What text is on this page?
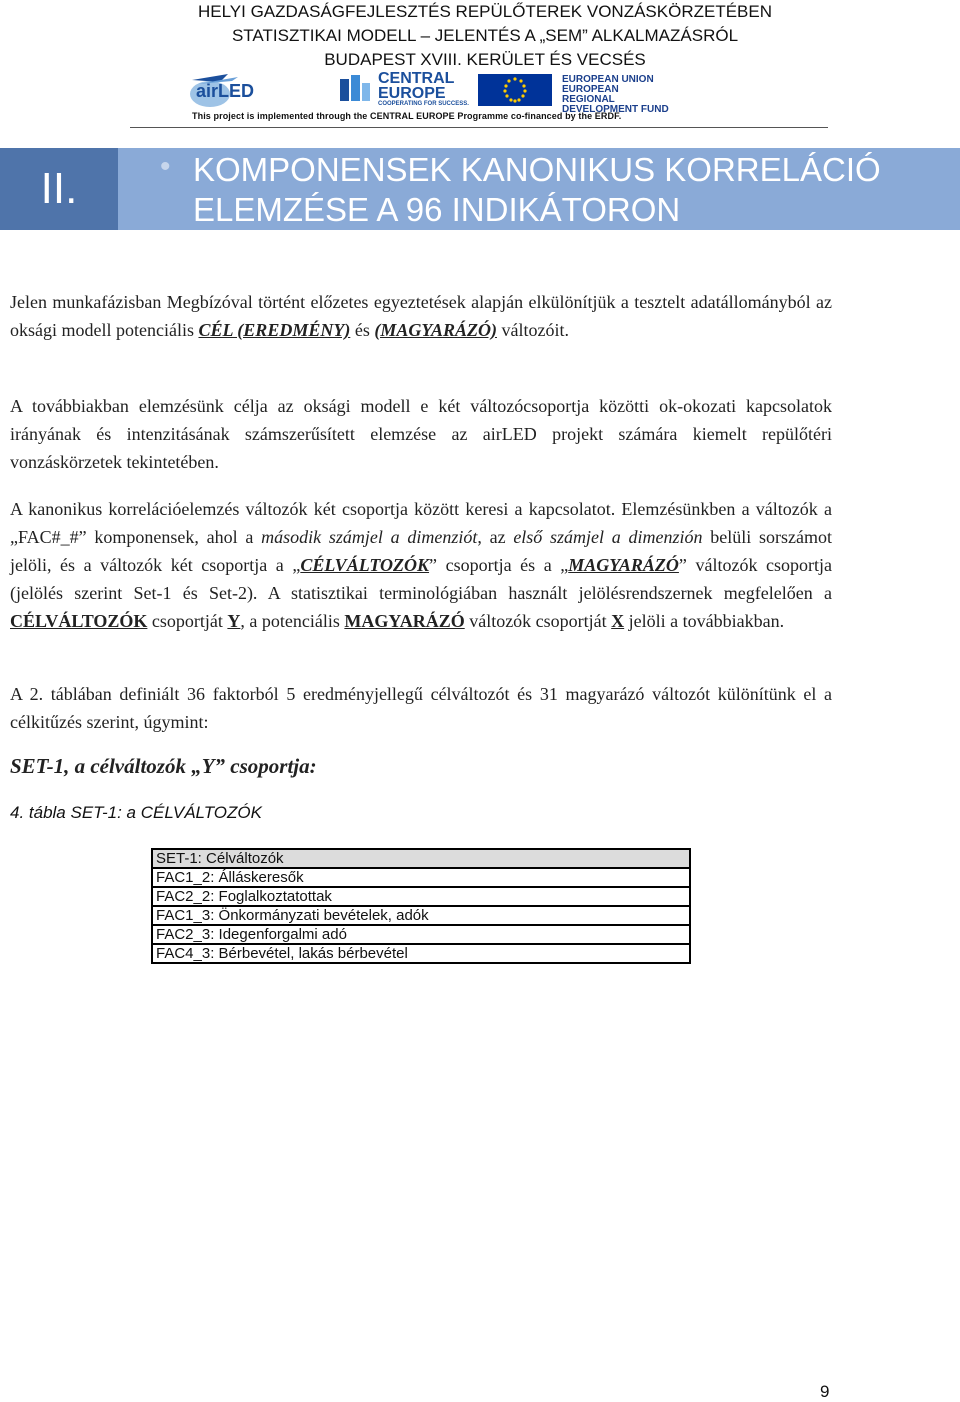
HELYI GAZDASÁGFEJLESZTÉS REPÜLŐTEREK VONZÁSKÖRZETÉBEN
STATISZTIKAI MODELL – JELENTÉS A „SEM” ALKALMAZÁSRÓL
BUDAPEST XVIII. KERÜLET ÉS VECSÉS
airLED
CENTRAL
EUROPE
COOPERATING FOR SUCCESS.
EUROPEAN UNION
EUROPEAN REGIONAL
DEVELOPMENT FUND
This project is implemented through the CENTRAL EUROPE Programme co-financed by the ERDF.
II.	• KOMPONENSEK KANONIKUS KORRELÁCIÓ
ELEMZÉSE A 96 INDIKÁTORON
Jelen munkafázisban Megbízóval történt előzetes egyeztetések alapján elkülönítjük a tesztelt adatállományból az oksági modell potenciális CÉL (EREDMÉNY) és (MAGYARÁZÓ) változóit.
A továbbiakban elemzésünk célja az oksági modell e két változócsoportja közötti ok-okozati kapcsolatok irányának és intenzitásának számszerűsített elemzése az airLED projekt számára kiemelt repülőtéri vonzáskörzetek tekintetében.
A kanonikus korrelációelemzés változók két csoportja között keresi a kapcsolatot. Elemzésünkben a változók a „FAC#_#” komponensek, ahol a második számjel a dimenziót, az első számjel a dimenzión belüli sorszámot jelöli, és a változók két csoportja a „CÉLVÁLTOZÓK” csoportja és a „MAGYARÁZÓ” változók csoportja (jelölés szerint Set-1 és Set-2). A statisztikai terminológiában használt jelölésrendszernek megfelelően a CÉLVÁLTOZÓK csoportját Y, a potenciális MAGYARÁZÓ változók csoportját X jelöli a továbbiakban.
A 2. táblában definiált 36 faktorból 5 eredményjellegű célváltozót és 31 magyarázó változót különítünk el a célkitűzés szerint, úgymint:
SET-1, a célváltozók „Y” csoportja:
4. tábla SET-1: a CÉLVÁLTOZÓK
SET-1: Célváltozók
FAC1_2: Álláskeresők
FAC2_2: Foglalkoztatottak
FAC1_3: Önkormányzati bevételek, adók
FAC2_3: Idegenforgalmi adó
FAC4_3: Bérbevétel, lakás bérbevétel
9
